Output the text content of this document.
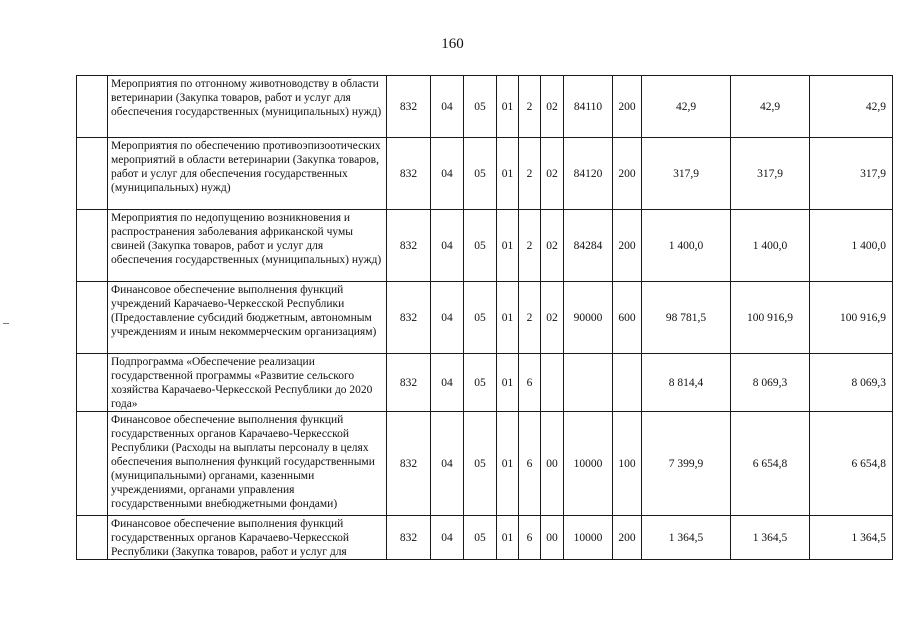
160
	Мероприятия по отгонному животноводству в области ветеринарии (Закупка товаров, работ и услуг для обеспечения государственных (муниципальных) нужд)	832	04	05	01	2	02	84110	200	42,9	42,9	42,9
	Мероприятия по обеспечению противоэпизоотических мероприятий в области ветеринарии (Закупка товаров, работ и услуг для обеспечения государственных (муниципальных) нужд)	832	04	05	01	2	02	84120	200	317,9	317,9	317,9
	Мероприятия по недопущению возникновения и распространения заболевания африканской чумы свиней (Закупка товаров, работ и услуг для обеспечения государственных (муниципальных) нужд)	832	04	05	01	2	02	84284	200	1 400,0	1 400,0	1 400,0
	Финансовое обеспечение выполнения функций учреждений Карачаево-Черкесской Республики (Предоставление субсидий бюджетным, автономным учреждениям и иным некоммерческим организациям)	832	04	05	01	2	02	90000	600	98 781,5	100 916,9	100 916,9
	Подпрограмма «Обеспечение реализации государственной программы «Развитие сельского хозяйства Карачаево-Черкесской Республики до 2020 года»	832	04	05	01	6				8 814,4	8 069,3	8 069,3
	Финансовое обеспечение выполнения функций государственных органов Карачаево-Черкесской Республики (Расходы на выплаты персоналу в целях обеспечения выполнения функций государственными (муниципальными) органами, казенными учреждениями, органами управления государственными внебюджетными фондами)	832	04	05	01	6	00	10000	100	7 399,9	6 654,8	6 654,8
	Финансовое обеспечение выполнения функций государственных органов Карачаево-Черкесской Республики (Закупка товаров, работ и услуг для	832	04	05	01	6	00	10000	200	1 364,5	1 364,5	1 364,5
